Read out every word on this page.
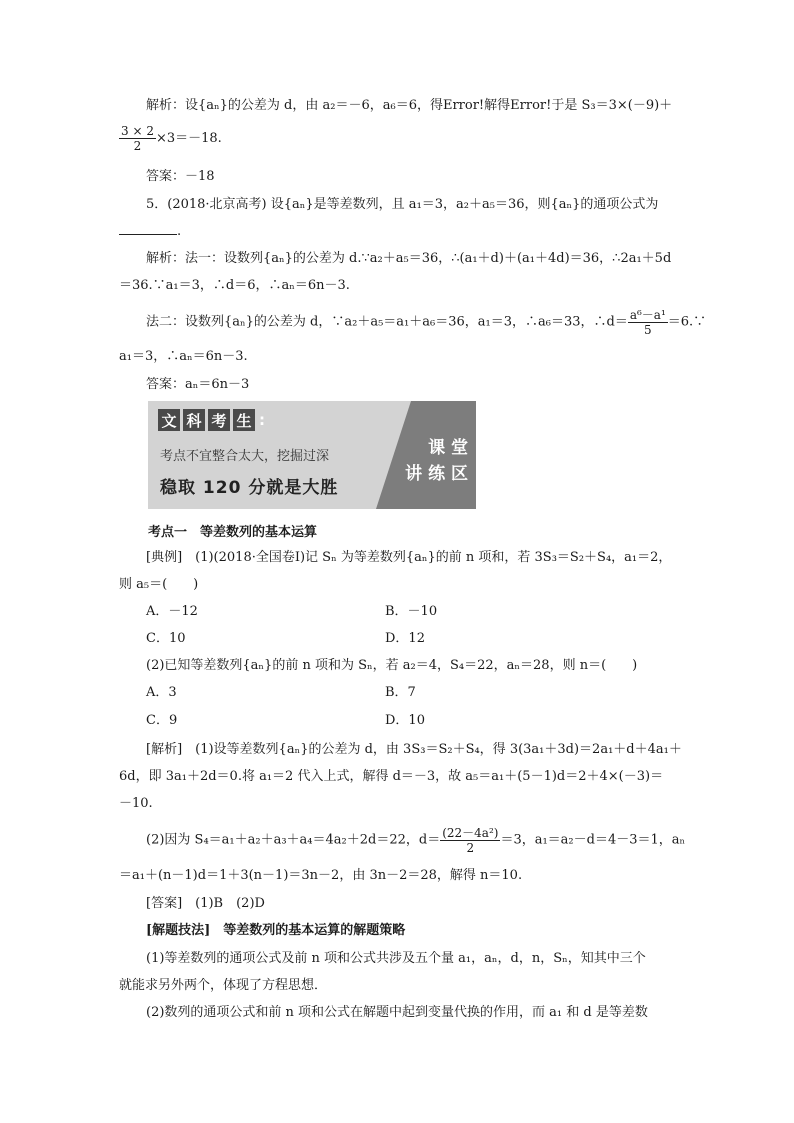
解析：设{aₙ}的公差为 d，由 a₂＝－6，a₆＝6，得Error!解得Error!于是 S₃＝3×(－9)＋
$\frac{3 \times 2}{2} \times 3=-18$.
答案：－18
5．(2018·北京高考) 设{aₙ}是等差数列，且 a₁＝3，a₂＋a₅＝36，则{aₙ}的通项公式为
.
解析：法一：设数列{aₙ}的公差为 d.∵a₂＋a₅＝36，∴(a₁＋d)＋(a₁＋4d)＝36，∴2a₁＋5d
＝36.∵a₁＝3，∴d＝6，∴aₙ＝6n－3.
法二：设数列{aₙ}的公差为 d，∵a₂＋a₅＝a₁＋a₆＝36，a₁＝3，∴a₆＝33，∴d＝ $\frac{\text{a⁶－a¹}}{5}$ ＝6.∵
a₁＝3，∴aₙ＝6n－3.
答案：aₙ＝6n－3
文 科 考 生 :
考点不宜整合太大，挖掘过深
稳取 120 分就是大胜
课 堂
讲 练 区
考点一　等差数列的基本运算
[典例]　(1)(2018·全国卷Ⅰ)记 Sₙ 为等差数列{aₙ}的前 n 项和，若 3S₃＝S₂＋S₄，a₁＝2，
则 a₅＝(　　)
A．－12	B．－10
C．10	D．12
(2)已知等差数列{aₙ}的前 n 项和为 Sₙ，若 a₂＝4，S₄＝22，aₙ＝28，则 n＝(　　)
A．3	B．7
C．9	D．10
[解析]　(1)设等差数列{aₙ}的公差为 d，由 3S₃＝S₂＋S₄，得 3(3a₁＋3d)＝2a₁＋d＋4a₁＋
6d，即 3a₁＋2d＝0.将 a₁＝2 代入上式，解得 d＝－3，故 a₅＝a₁＋(5－1)d＝2＋4×(－3)＝
－10.
(2)因为 S₄＝a₁＋a₂＋a₃＋a₄＝4a₂＋2d＝22，$d= \frac{\text{(22－4a²)}}{2} =3$，a₁＝a₂－d＝4－3＝1，aₙ
＝a₁＋(n－1)d＝1＋3(n－1)＝3n－2，由 3n－2＝28，解得 n＝10.
[答案]　(1)B　(2)D
[解题技法]　等差数列的基本运算的解题策略
(1)等差数列的通项公式及前 n 项和公式共涉及五个量 a₁，aₙ，d，n，Sₙ，知其中三个
就能求另外两个，体现了方程思想．
(2)数列的通项公式和前 n 项和公式在解题中起到变量代换的作用，而 a₁ 和 d 是等差数
